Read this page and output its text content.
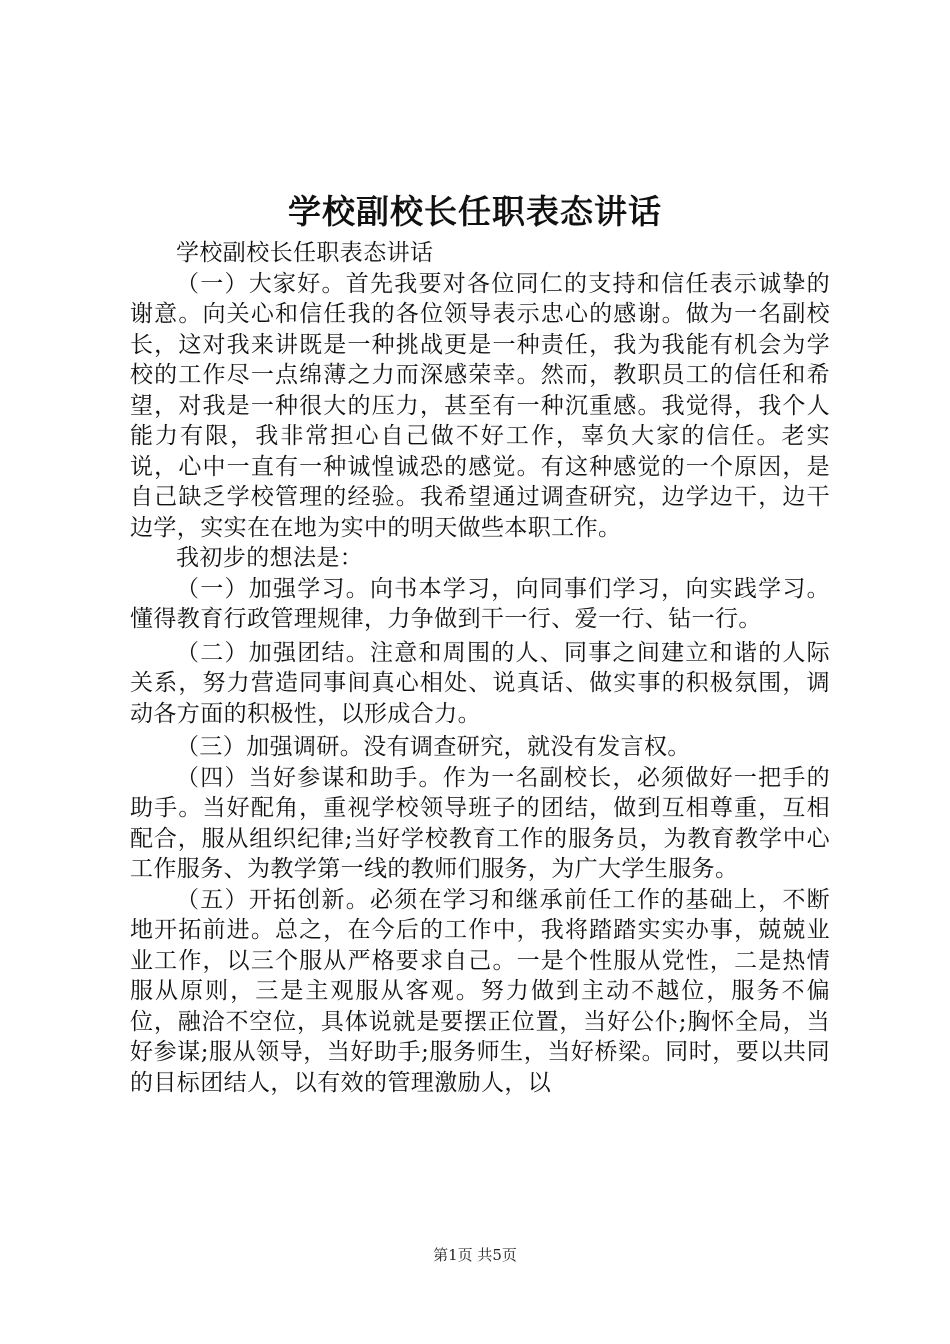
学校副校长任职表态讲话

学校副校长任职表态讲话

（一）大家好。首先我要对各位同仁的支持和信任表示诚挚的谢意。向关心和信任我的各位领导表示忠心的感谢。做为一名副校长，这对我来讲既是一种挑战更是一种责任，我为我能有机会为学校的工作尽一点绵薄之力而深感荣幸。然而，教职员工的信任和希望，对我是一种很大的压力，甚至有一种沉重感。我觉得，我个人能力有限，我非常担心自己做不好工作，辜负大家的信任。老实说，心中一直有一种诚惶诚恐的感觉。有这种感觉的一个原因，是自己缺乏学校管理的经验。我希望通过调查研究，边学边干，边干边学，实实在在地为实中的明天做些本职工作。

我初步的想法是：

（一）加强学习。向书本学习，向同事们学习，向实践学习。懂得教育行政管理规律，力争做到干一行、爱一行、钻一行。

（二）加强团结。注意和周围的人、同事之间建立和谐的人际关系，努力营造同事间真心相处、说真话、做实事的积极氛围，调动各方面的积极性，以形成合力。

（三）加强调研。没有调查研究，就没有发言权。

（四）当好参谋和助手。作为一名副校长，必须做好一把手的助手。当好配角，重视学校领导班子的团结，做到互相尊重，互相配合，服从组织纪律;当好学校教育工作的服务员，为教育教学中心工作服务、为教学第一线的教师们服务，为广大学生服务。

（五）开拓创新。必须在学习和继承前任工作的基础上，不断地开拓前进。总之，在今后的工作中，我将踏踏实实办事，兢兢业业工作，以三个服从严格要求自己。一是个性服从党性，二是热情服从原则，三是主观服从客观。努力做到主动不越位，服务不偏位，融洽不空位，具体说就是要摆正位置，当好公仆;胸怀全局，当好参谋;服从领导，当好助手;服务师生，当好桥梁。同时，要以共同的目标团结人，以有效的管理激励人，以

第1页 共5页
